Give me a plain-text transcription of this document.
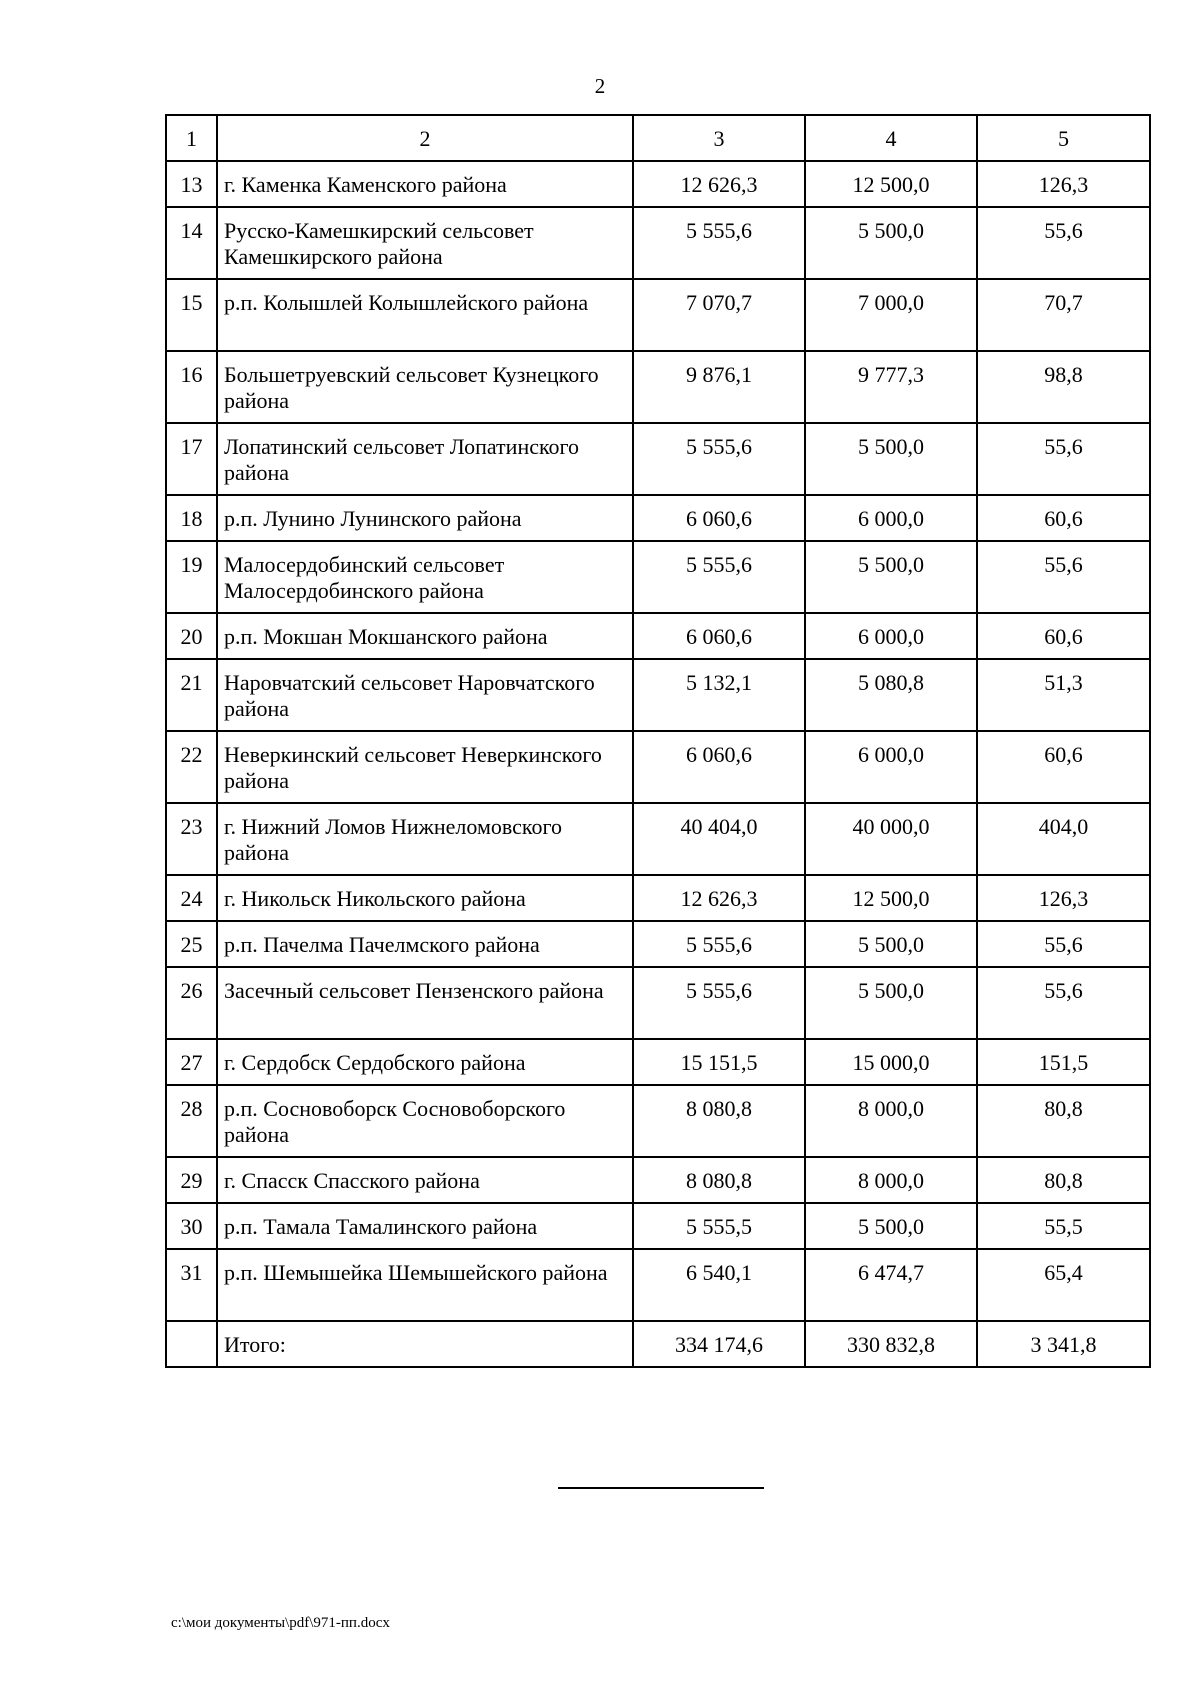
2
1	2	3	4	5
13	г. Каменка Каменского района	12 626,3	12 500,0	126,3
14	Русско-Камешкирский сельсовет Камешкирского района	5 555,6	5 500,0	55,6
15	р.п. Колышлей Колышлейского района	7 070,7	7 000,0	70,7
16	Большетруевский сельсовет Кузнецкого района	9 876,1	9 777,3	98,8
17	Лопатинский сельсовет Лопатинского района	5 555,6	5 500,0	55,6
18	р.п. Лунино Лунинского района	6 060,6	6 000,0	60,6
19	Малосердобинский сельсовет Малосердобинского района	5 555,6	5 500,0	55,6
20	р.п. Мокшан Мокшанского района	6 060,6	6 000,0	60,6
21	Наровчатский сельсовет Наровчатского района	5 132,1	5 080,8	51,3
22	Неверкинский сельсовет Неверкинского района	6 060,6	6 000,0	60,6
23	г. Нижний Ломов Нижнеломовского района	40 404,0	40 000,0	404,0
24	г. Никольск Никольского района	12 626,3	12 500,0	126,3
25	р.п. Пачелма Пачелмского района	5 555,6	5 500,0	55,6
26	Засечный сельсовет Пензенского района	5 555,6	5 500,0	55,6
27	г. Сердобск Сердобского района	15 151,5	15 000,0	151,5
28	р.п. Сосновоборск Сосновоборского района	8 080,8	8 000,0	80,8
29	г. Спасск Спасского района	8 080,8	8 000,0	80,8
30	р.п. Тамала Тамалинского района	5 555,5	5 500,0	55,5
31	р.п. Шемышейка Шемышейского района	6 540,1	6 474,7	65,4
	Итого:	334 174,6	330 832,8	3 341,8
c:\мои документы\pdf\971-пп.docx
